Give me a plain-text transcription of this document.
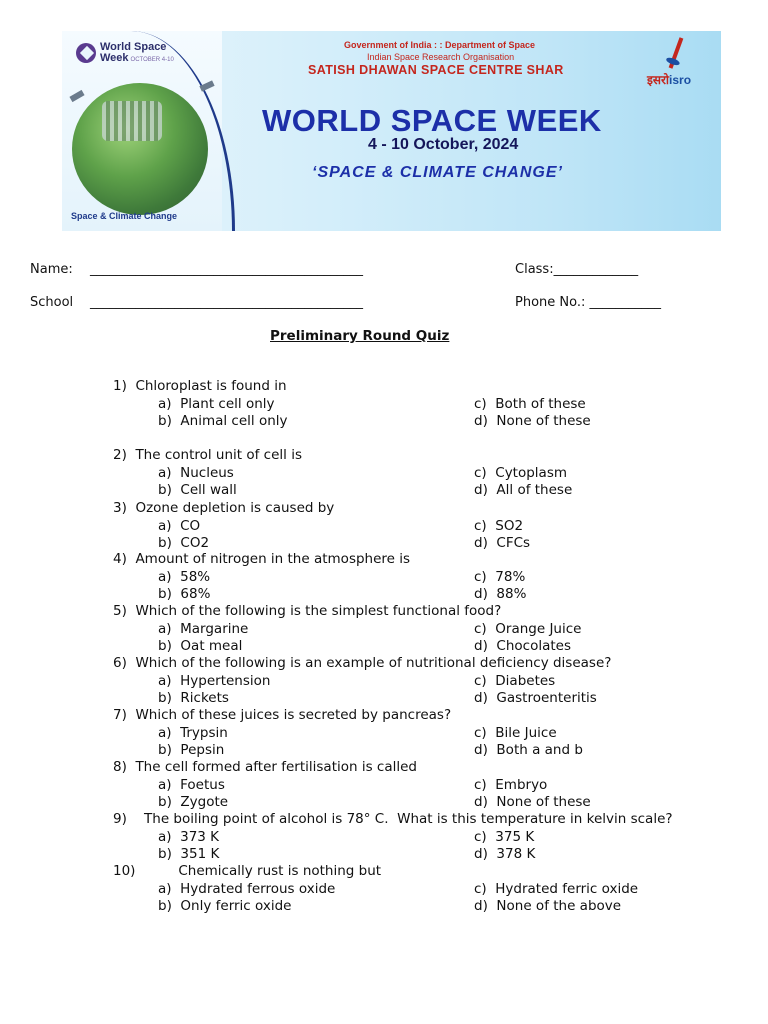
World Space
Week OCTOBER 4-10
Space & Climate Change
Government of India : : Department of Space
Indian Space Research Organisation
SATISH DHAWAN SPACE CENTRE SHAR
इसरोisro
WORLD SPACE WEEK
4 - 10 October, 2024
‘SPACE & CLIMATE CHANGE’
Name: __________________________________________	Class:_____________
School __________________________________________	Phone No.: ___________
Preliminary Round Quiz
1)  Chloroplast is found in
a)  Plant cell only
b)  Animal cell only
c)  Both of these
d)  None of these
2)  The control unit of cell is
a)  Nucleus
b)  Cell wall
c)  Cytoplasm
d)  All of these
3)  Ozone depletion is caused by
a)  CO
b)  CO2
c)  SO2
d)  CFCs
4)  Amount of nitrogen in the atmosphere is
a)  58%
b)  68%
c)  78%
d)  88%
5)  Which of the following is the simplest functional food?
a)  Margarine
b)  Oat meal
c)  Orange Juice
d)  Chocolates
6)  Which of the following is an example of nutritional deficiency disease?
a)  Hypertension
b)  Rickets
c)  Diabetes
d)  Gastroenteritis
7)  Which of these juices is secreted by pancreas?
a)  Trypsin
b)  Pepsin
c)  Bile Juice
d)  Both a and b
8)  The cell formed after fertilisation is called
a)  Foetus
b)  Zygote
c)  Embryo
d)  None of these
9)    The boiling point of alcohol is 78° C.  What is this temperature in kelvin scale?
a)  373 K
b)  351 K
c)  375 K
d)  378 K
10)          Chemically rust is nothing but
a)  Hydrated ferrous oxide
b)  Only ferric oxide
c)  Hydrated ferric oxide
d)  None of the above
